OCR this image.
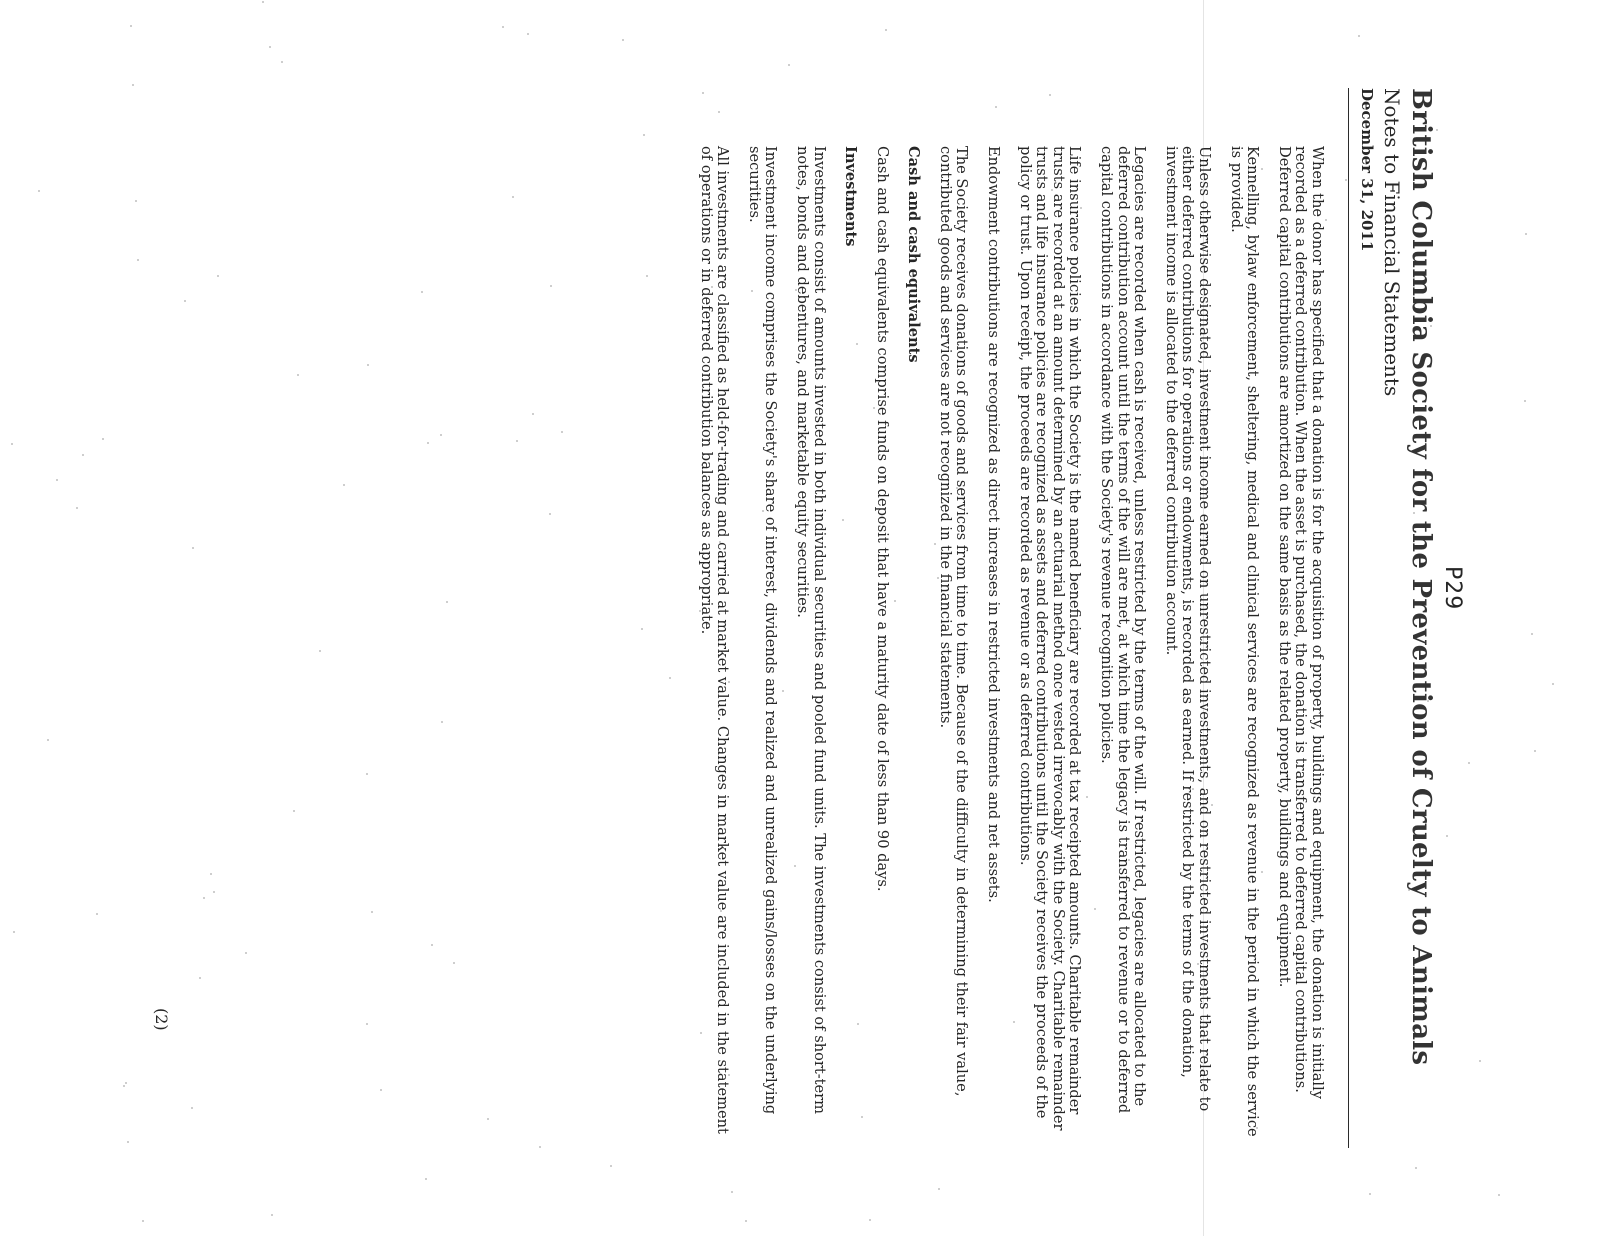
P29
British Columbia Society for the Prevention of Cruelty to Animals
Notes to Financial Statements
December 31, 2011

When the donor has specified that a donation is for the acquisition of property, buildings and equipment, the donation is initially recorded as a deferred contribution. When the asset is purchased, the donation is transferred to deferred capital contributions. Deferred capital contributions are amortized on the same basis as the related property, buildings and equipment.

Kennelling, bylaw enforcement, sheltering, medical and clinical services are recognized as revenue in the period in which the service is provided.

Unless otherwise designated, investment income earned on unrestricted investments, and on restricted investments that relate to either deferred contributions for operations or endowments, is recorded as earned. If restricted by the terms of the donation, investment income is allocated to the deferred contribution account.

Legacies are recorded when cash is received, unless restricted by the terms of the will. If restricted, legacies are allocated to the deferred contribution account until the terms of the will are met, at which time the legacy is transferred to revenue or to deferred capital contributions in accordance with the Society's revenue recognition policies.

Life insurance policies in which the Society is the named beneficiary are recorded at tax receipted amounts. Charitable remainder trusts are recorded at an amount determined by an actuarial method once vested irrevocably with the Society. Charitable remainder trusts and life insurance policies are recognized as assets and deferred contributions until the Society receives the proceeds of the policy or trust. Upon receipt, the proceeds are recorded as revenue or as deferred contributions.

Endowment contributions are recognized as direct increases in restricted investments and net assets.

The Society receives donations of goods and services from time to time. Because of the difficulty in determining their fair value, contributed goods and services are not recognized in the financial statements.

Cash and cash equivalents

Cash and cash equivalents comprise funds on deposit that have a maturity date of less than 90 days.

Investments

Investments consist of amounts invested in both individual securities and pooled fund units. The investments consist of short-term notes, bonds and debentures, and marketable equity securities.

Investment income comprises the Society's share of interest, dividends and realized and unrealized gains/losses on the underlying securities.

All investments are classified as held-for-trading and carried at market value. Changes in market value are included in the statement of operations or in deferred contribution balances as appropriate.

(2)
